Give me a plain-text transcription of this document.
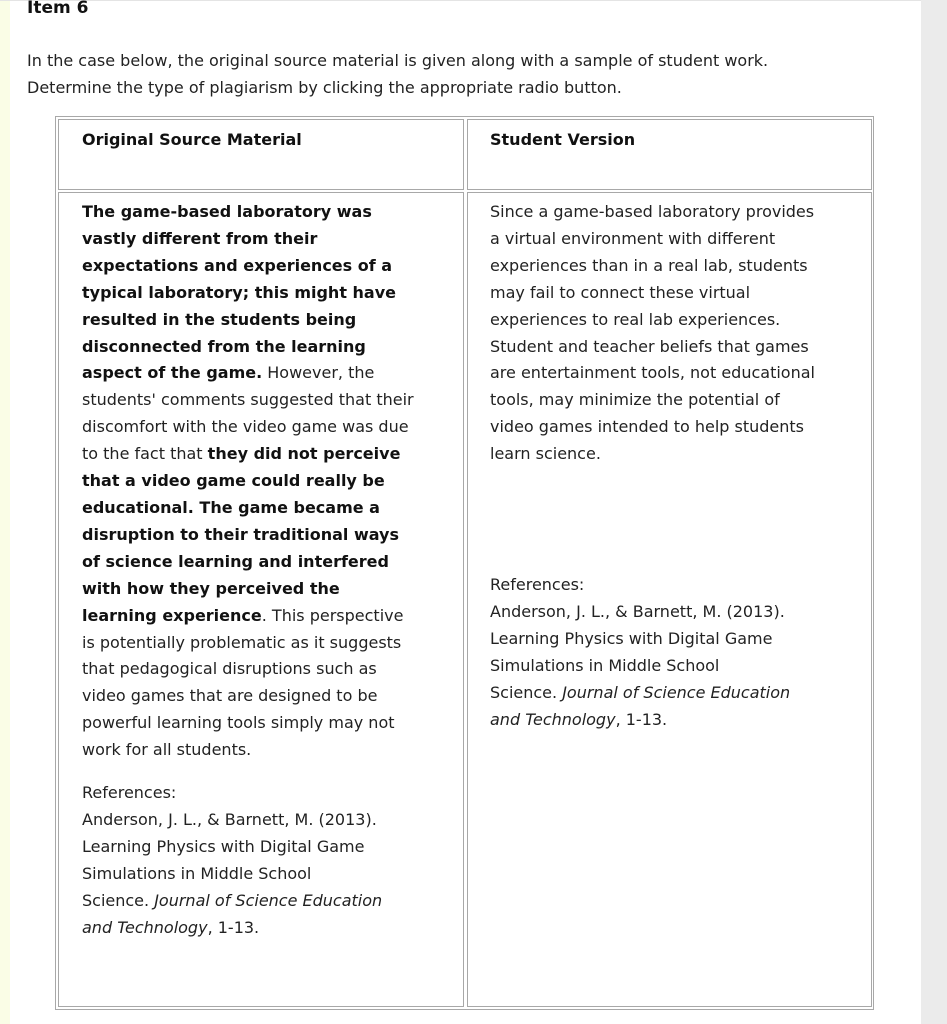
Item 6
In the case below, the original source material is given along with a sample of student work.
Determine the type of plagiarism by clicking the appropriate radio button.
Original Source Material	Student Version
The game-based laboratory was
vastly different from their
expectations and experiences of a
typical laboratory; this might have
resulted in the students being
disconnected from the learning
aspect of the game. However, the
students' comments suggested that their
discomfort with the video game was due
to the fact that they did not perceive
that a video game could really be
educational. The game became a
disruption to their traditional ways
of science learning and interfered
with how they perceived the
learning experience. This perspective
is potentially problematic as it suggests
that pedagogical disruptions such as
video games that are designed to be
powerful learning tools simply may not
work for all students.
References:
Anderson, J. L., & Barnett, M. (2013).
Learning Physics with Digital Game
Simulations in Middle School
Science. Journal of Science Education
and Technology, 1-13.
Since a game-based laboratory provides
a virtual environment with different
experiences than in a real lab, students
may fail to connect these virtual
experiences to real lab experiences.
Student and teacher beliefs that games
are entertainment tools, not educational
tools, may minimize the potential of
video games intended to help students
learn science.
References:
Anderson, J. L., & Barnett, M. (2013).
Learning Physics with Digital Game
Simulations in Middle School
Science. Journal of Science Education
and Technology, 1-13.
